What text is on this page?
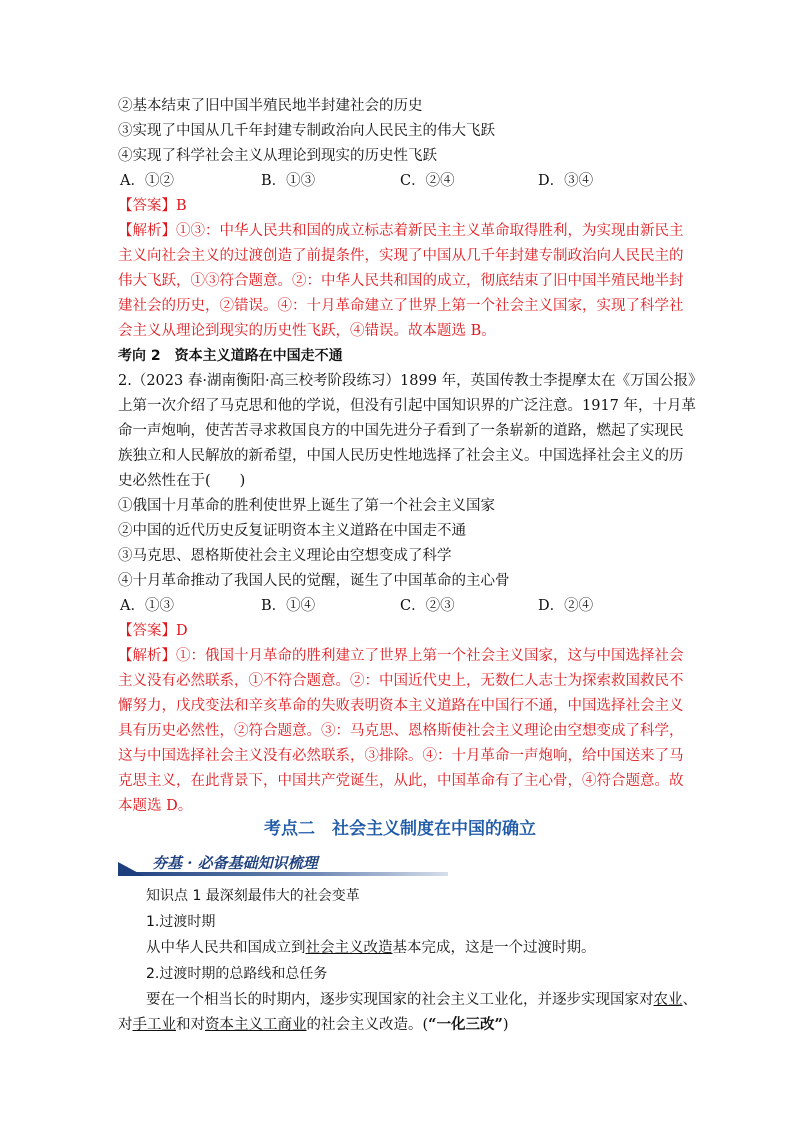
②基本结束了旧中国半殖民地半封建社会的历史
③实现了中国从几千年封建专制政治向人民民主的伟大飞跃
④实现了科学社会主义从理论到现实的历史性飞跃
A．①②	B．①③	C．②④	D．③④
【答案】B
【解析】①③：中华人民共和国的成立标志着新民主主义革命取得胜利，为实现由新民主
主义向社会主义的过渡创造了前提条件，实现了中国从几千年封建专制政治向人民民主的
伟大飞跃，①③符合题意。②：中华人民共和国的成立，彻底结束了旧中国半殖民地半封
建社会的历史，②错误。④：十月革命建立了世界上第一个社会主义国家，实现了科学社
会主义从理论到现实的历史性飞跃，④错误。故本题选 B。
考向 2　资本主义道路在中国走不通
2.（2023 春·湖南衡阳·高三校考阶段练习）1899 年，英国传教士李提摩太在《万国公报》
上第一次介绍了马克思和他的学说，但没有引起中国知识界的广泛注意。1917 年，十月革
命一声炮响，使苦苦寻求救国良方的中国先进分子看到了一条崭新的道路，燃起了实现民
族独立和人民解放的新希望，中国人民历史性地选择了社会主义。中国选择社会主义的历
史必然性在于(　　)
①俄国十月革命的胜利使世界上诞生了第一个社会主义国家
②中国的近代历史反复证明资本主义道路在中国走不通
③马克思、恩格斯使社会主义理论由空想变成了科学
④十月革命推动了我国人民的觉醒，诞生了中国革命的主心骨
A．①③	B．①④	C．②③	D．②④
【答案】D
【解析】①：俄国十月革命的胜利建立了世界上第一个社会主义国家，这与中国选择社会
主义没有必然联系，①不符合题意。②：中国近代史上，无数仁人志士为探索救国救民不
懈努力，戊戌变法和辛亥革命的失败表明资本主义道路在中国行不通，中国选择社会主义
具有历史必然性，②符合题意。③：马克思、恩格斯使社会主义理论由空想变成了科学，
这与中国选择社会主义没有必然联系，③排除。④：十月革命一声炮响，给中国送来了马
克思主义，在此背景下，中国共产党诞生，从此，中国革命有了主心骨，④符合题意。故
本题选 D。
考点二　社会主义制度在中国的确立
夯基 · 必备基础知识梳理
知识点 1 最深刻最伟大的社会变革
1.过渡时期
从中华人民共和国成立到社会主义改造基本完成，这是一个过渡时期。
2.过渡时期的总路线和总任务
要在一个相当长的时期内，逐步实现国家的社会主义工业化，并逐步实现国家对农业、
对手工业和对资本主义工商业的社会主义改造。(“一化三改”)
